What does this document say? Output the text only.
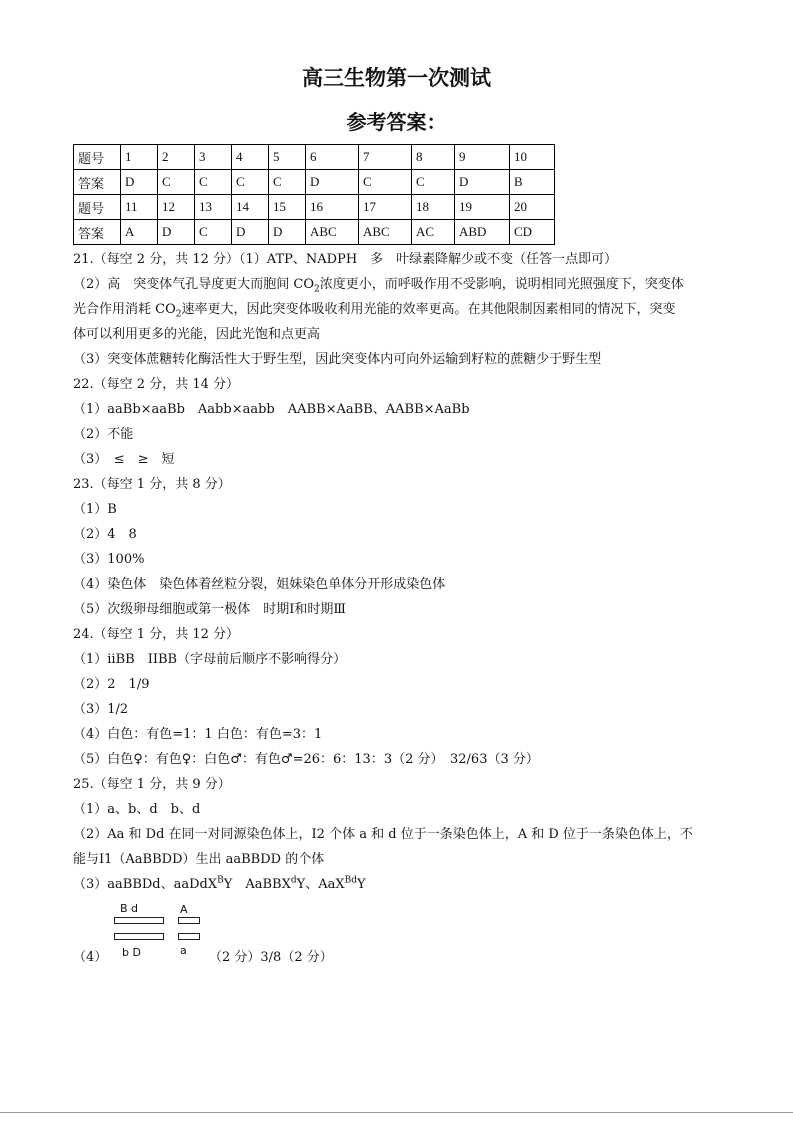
高三生物第一次测试
参考答案：
题号	1	2	3	4	5	6	7	8	9	10
答案	D	C	C	C	C	D	C	C	D	B
题号	11	12	13	14	15	16	17	18	19	20
答案	A	D	C	D	D	ABC	ABC	AC	ABD	CD
21.（每空 2 分，共 12 分）（1）ATP、NADPH　多　叶绿素降解少或不变（任答一点即可）
（2）高　突变体气孔导度更大而胞间 $CO_2$浓度更小，而呼吸作用不受影响，说明相同光照强度下，突变体
光合作用消耗 $CO_2$速率更大，因此突变体吸收利用光能的效率更高。在其他限制因素相同的情况下，突变
体可以利用更多的光能，因此光饱和点更高
（3）突变体蔗糖转化酶活性大于野生型，因此突变体内可向外运输到籽粒的蔗糖少于野生型
22.（每空 2 分，共 14 分）
（1）aaBb×aaBb　Aabb×aabb　AABB×AaBB、AABB×AaBb
（2）不能
（3）　≤　≥　短
23.（每空 1 分，共 8 分）
（1）B
（2）4　8
（3）100%
（4）染色体　染色体着丝粒分裂，姐妹染色单体分开形成染色体
（5）次级卵母细胞或第一极体　时期Ⅰ和时期Ⅲ
24.（每空 1 分，共 12 分）
（1）iiBB　IIBB（字母前后顺序不影响得分）
（2）2　1/9
（3）1/2
（4）白色：有色=1：1 白色：有色=3：1
（5）白色♀：有色♀：白色♂：有色♂=26：6：13：3（2 分）　32/63（3 分）
25.（每空 1 分，共 9 分）
（1）a、b、d　b、d
（2）Aa 和 Dd 在同一对同源染色体上，Ⅰ2 个体 a 和 d 位于一条染色体上，A 和 D 位于一条染色体上，不
能与Ⅰ1（AaBBDD）生出 aaBBDD 的个体
（3）aaBBDd、aaDdX$^B$Y　AaBBX$^d$Y、AaX$^{Bd}$Y
B d	A
b D	a
（4）	（2 分）3/8（2 分）
